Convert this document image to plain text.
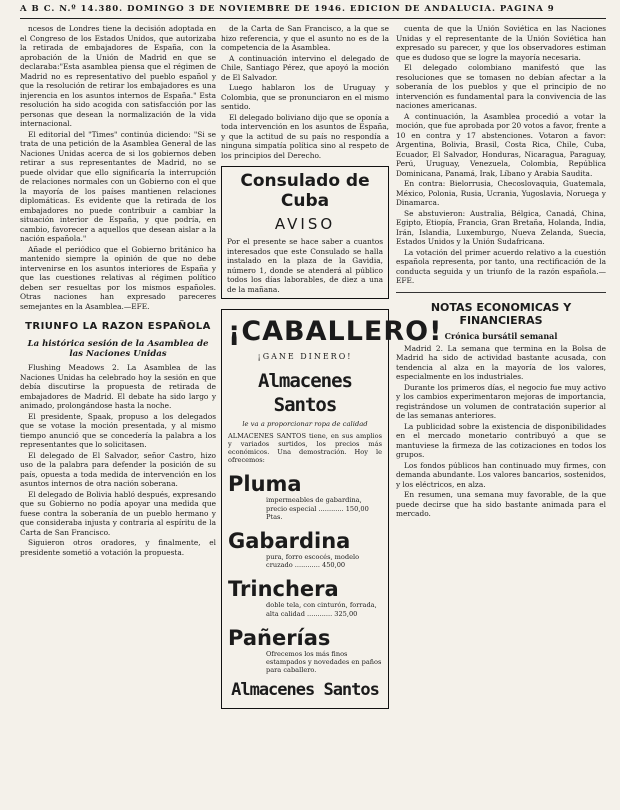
A B C. N.º 14.380. DOMINGO 3 DE NOVIEMBRE DE 1946. EDICION DE ANDALUCIA. PAGINA 9

ncesos de Londres tiene la decisión adoptada en el Congreso de los Estados Unidos, que autorizaba la retirada de embajadores de España, con la aprobación de la Unión de Madrid en que se declaraba:"Esta asamblea piensa que el régimen de Madrid no es representativo del pueblo español y que la resolución de retirar los embajadores es una injerencia en los asuntos internos de España." Esta resolución ha sido acogida con satisfacción por las personas que desean la normalización de la vida internacional.

El editorial del "Times" continúa diciendo: "Si se trata de una petición de la Asamblea General de las Naciones Unidas acerca de si los gobiernos deben retirar a sus representantes de Madrid, no se puede olvidar que ello significaría la interrupción de relaciones normales con un Gobierno con el que la mayoría de los países mantienen relaciones diplomáticas. Es evidente que la retirada de los embajadores no puede contribuir a cambiar la situación interior de España, y que podría, en cambio, favorecer a aquellos que desean aislar a la nación española."

Añade el periódico que el Gobierno británico ha mantenido siempre la opinión de que no debe intervenirse en los asuntos interiores de España y que las cuestiones relativas al régimen político deben ser resueltas por los mismos españoles. Otras naciones han expresado pareceres semejantes en la Asamblea.—EFE.

TRIUNFO LA RAZON ESPAÑOLA
La histórica sesión de la Asamblea de las Naciones Unidas

Flushing Meadows 2. La Asamblea de las Naciones Unidas ha celebrado hoy la sesión en que debía discutirse la propuesta de retirada de embajadores de Madrid. El debate ha sido largo y animado, prolongándose hasta la noche.

El presidente, Spaak, propuso a los delegados que se votase la moción presentada, y al mismo tiempo anunció que se concedería la palabra a los representantes que lo solicitasen.

El delegado de El Salvador, señor Castro, hizo uso de la palabra para defender la posición de su país, opuesta a toda medida de intervención en los asuntos internos de otra nación soberana.

El delegado de Bolivia habló después, expresando que su Gobierno no podía apoyar una medida que fuese contra la soberanía de un pueblo hermano y que consideraba injusta y contraria al espíritu de la Carta de San Francisco.

Siguieron otros oradores, y finalmente, el presidente sometió a votación la propuesta.

de la Carta de San Francisco, a la que se hizo referencia, y que el asunto no es de la competencia de la Asamblea.

A continuación intervino el delegado de Chile, Santiago Pérez, que apoyó la moción de El Salvador.

Luego hablaron los de Uruguay y Colombia, que se pronunciaron en el mismo sentido.

El delegado boliviano dijo que se oponía a toda intervención en los asuntos de España, y que la actitud de su país no respondía a ninguna simpatía política sino al respeto de los principios del Derecho.

Consulado de Cuba
AVISO
Por el presente se hace saber a cuantos interesados que este Consulado se halla instalado en la plaza de la Gavidia, número 1, donde se atenderá al público todos los días laborables, de diez a una de la mañana.
¡CABALLERO!
¡GANE DINERO!
Almacenes Santos
le va a proporcionar ropa de calidad
ALMACENES SANTOS tiene, en sus amplios y variados surtidos, los precios más económicos. Una demostración. Hoy le ofrecemos:
Pluma
impermeables de gabardina, precio especial ............ 150,00 Ptas.
Gabardina
pura, forro escocés, modelo cruzado ............ 450,00
Trinchera
doble tela, con cinturón, forrada, alta calidad ............ 325,00
Pañerías
Ofrecemos los más finos estampados y novedades en paños para caballero.
Almacenes Santos

cuenta de que la Unión Soviética en las Naciones Unidas y el representante de la Unión Soviética han expresado su parecer, y que los observadores estiman que es dudoso que se logre la mayoría necesaria.

El delegado colombiano manifestó que las resoluciones que se tomasen no debían afectar a la soberanía de los pueblos y que el principio de no intervención es fundamental para la convivencia de las naciones americanas.

A continuación, la Asamblea procedió a votar la moción, que fue aprobada por 20 votos a favor, frente a 10 en contra y 17 abstenciones. Votaron a favor: Argentina, Bolivia, Brasil, Costa Rica, Chile, Cuba, Ecuador, El Salvador, Honduras, Nicaragua, Paraguay, Perú, Uruguay, Venezuela, Colombia, República Dominicana, Panamá, Irak, Líbano y Arabia Saudita.

En contra: Bielorrusia, Checoslovaquia, Guatemala, México, Polonia, Rusia, Ucrania, Yugoslavia, Noruega y Dinamarca.

Se abstuvieron: Australia, Bélgica, Canadá, China, Egipto, Etiopía, Francia, Gran Bretaña, Holanda, India, Irán, Islandia, Luxemburgo, Nueva Zelanda, Suecia, Estados Unidos y la Unión Sudafricana.

La votación del primer acuerdo relativo a la cuestión española representa, por tanto, una rectificación de la conducta seguida y un triunfo de la razón española.—EFE.

NOTAS ECONOMICAS Y FINANCIERAS
Crónica bursátil semanal

Madrid 2. La semana que termina en la Bolsa de Madrid ha sido de actividad bastante acusada, con tendencia al alza en la mayoría de los valores, especialmente en los industriales.

Durante los primeros días, el negocio fue muy activo y los cambios experimentaron mejoras de importancia, registrándose un volumen de contratación superior al de las semanas anteriores.

La publicidad sobre la existencia de disponibilidades en el mercado monetario contribuyó a que se mantuviese la firmeza de las cotizaciones en todos los grupos.

Los fondos públicos han continuado muy firmes, con demanda abundante. Los valores bancarios, sostenidos, y los eléctricos, en alza.

En resumen, una semana muy favorable, de la que puede decirse que ha sido bastante animada para el mercado.
